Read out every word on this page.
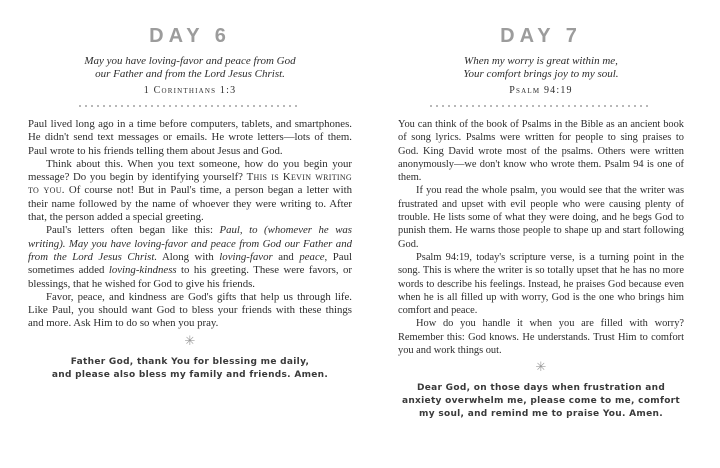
DAY 6
May you have loving-favor and peace from God
our Father and from the Lord Jesus Christ.
1 Corinthians 1:3

Paul lived long ago in a time before computers, tablets, and smartphones. He didn't send text messages or emails. He wrote letters—lots of them. Paul wrote to his friends telling them about Jesus and God.

Think about this. When you text someone, how do you begin your message? Do you begin by identifying yourself? This is Kevin writing to you. Of course not! But in Paul's time, a person began a letter with their name followed by the name of whoever they were writing to. After that, the person added a special greeting.

Paul's letters often began like this: Paul, to (whomever he was writing). May you have loving-favor and peace from God our Father and from the Lord Jesus Christ. Along with loving-favor and peace, Paul sometimes added loving-kindness to his greeting. These were favors, or blessings, that he wished for God to give his friends.

Favor, peace, and kindness are God's gifts that help us through life. Like Paul, you should want God to bless your friends with these things and more. Ask Him to do so when you pray.

✳
Father God, thank You for blessing me daily,
and please also bless my family and friends. Amen.
DAY 7
When my worry is great within me,
Your comfort brings joy to my soul.
Psalm 94:19

You can think of the book of Psalms in the Bible as an ancient book of song lyrics. Psalms were written for people to sing praises to God. King David wrote most of the psalms. Others were written anonymously—we don't know who wrote them. Psalm 94 is one of them.

If you read the whole psalm, you would see that the writer was frustrated and upset with evil people who were causing plenty of trouble. He lists some of what they were doing, and he begs God to punish them. He warns those people to shape up and start following God.

Psalm 94:19, today's scripture verse, is a turning point in the song. This is where the writer is so totally upset that he has no more words to describe his feelings. Instead, he praises God because even when he is all filled up with worry, God is the one who brings him comfort and peace.

How do you handle it when you are filled with worry? Remember this: God knows. He understands. Trust Him to comfort you and work things out.

✳
Dear God, on those days when frustration and
anxiety overwhelm me, please come to me, comfort
my soul, and remind me to praise You. Amen.
